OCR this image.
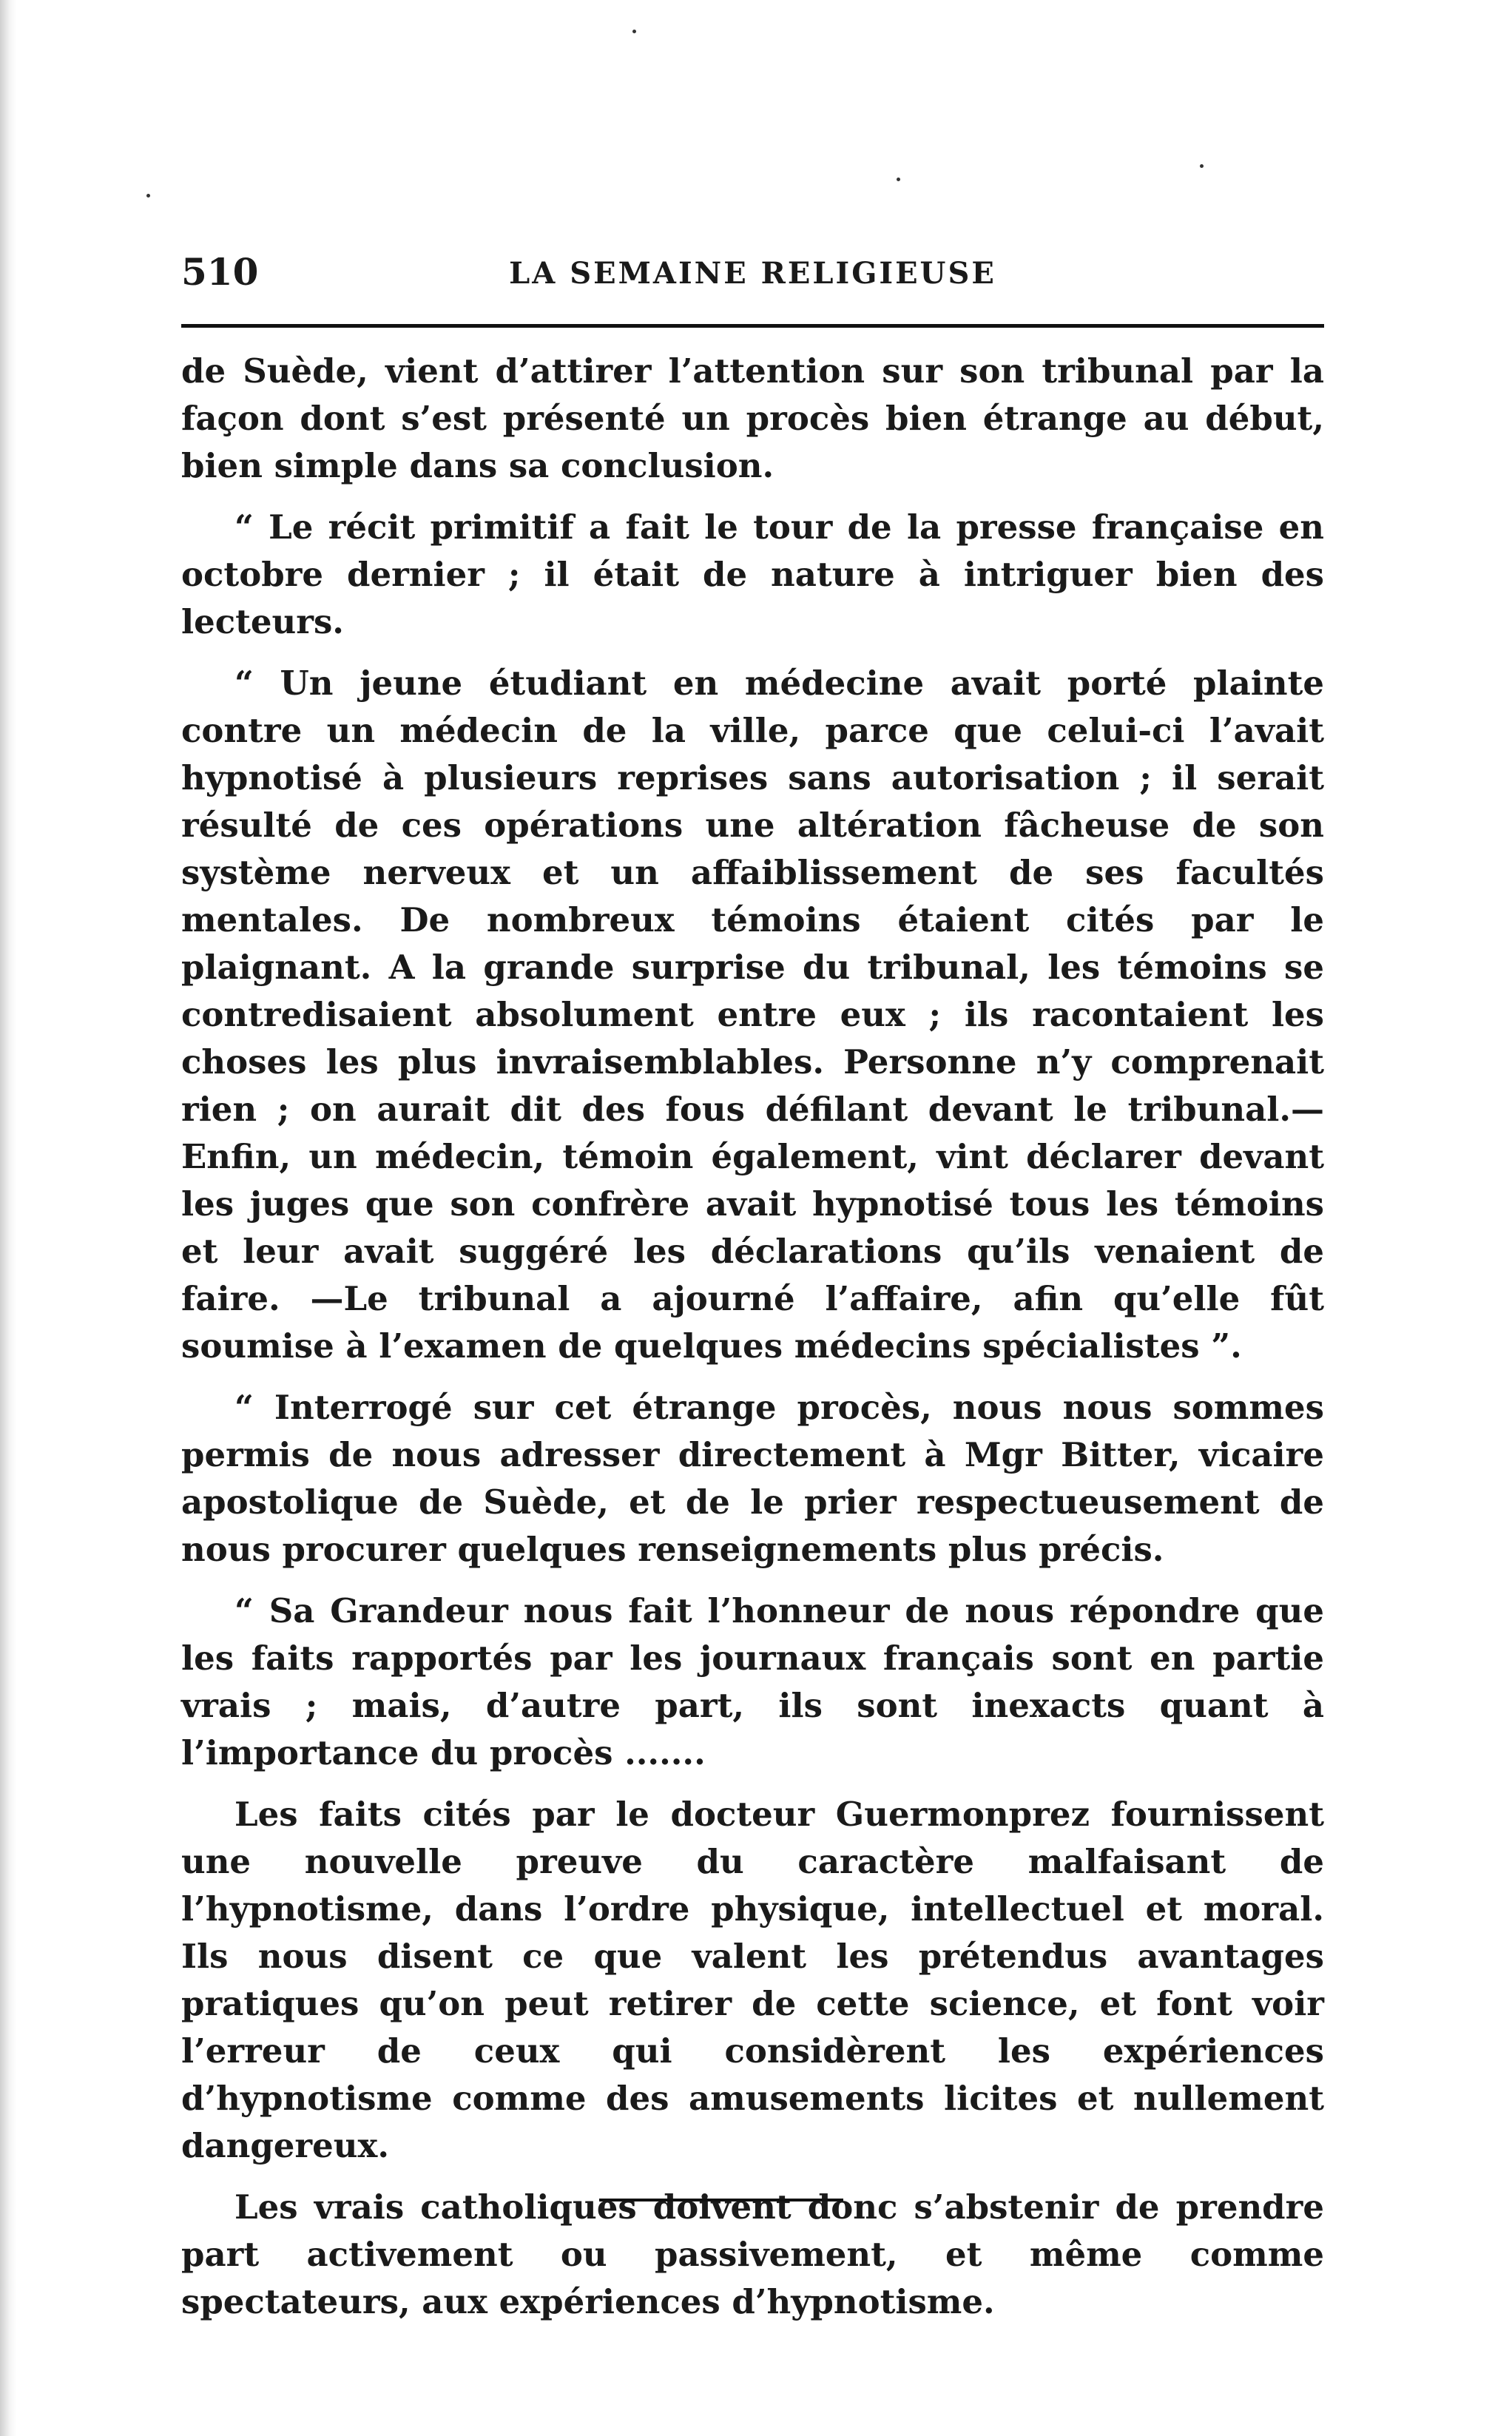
510	LA SEMAINE RELIGIEUSE

de Suède, vient d’attirer l’attention sur son tribunal par la façon dont s’est présenté un procès bien étrange au début, bien simple dans sa conclusion.

“ Le récit primitif a fait le tour de la presse française en octobre dernier ; il était de nature à intriguer bien des lecteurs.

“ Un jeune étudiant en médecine avait porté plainte contre un médecin de la ville, parce que celui-ci l’avait hypnotisé à plusieurs reprises sans autorisation ; il serait résulté de ces opérations une altération fâcheuse de son système nerveux et un affaiblissement de ses facultés mentales. De nombreux témoins étaient cités par le plaignant. A la grande surprise du tribunal, les témoins se contredisaient absolument entre eux ; ils racontaient les choses les plus invraisemblables. Personne n’y comprenait rien ; on aurait dit des fous défilant devant le tribunal.—Enfin, un médecin, témoin également, vint déclarer devant les juges que son confrère avait hypnotisé tous les témoins et leur avait suggéré les déclarations qu’ils venaient de faire. —Le tribunal a ajourné l’affaire, afin qu’elle fût soumise à l’examen de quelques médecins spécialistes ”.

“ Interrogé sur cet étrange procès, nous nous sommes permis de nous adresser directement à Mgr Bitter, vicaire apostolique de Suède, et de le prier respectueusement de nous procurer quelques renseignements plus précis.

“ Sa Grandeur nous fait l’honneur de nous répondre que les faits rapportés par les journaux français sont en partie vrais ; mais, d’autre part, ils sont inexacts quant à l’importance du procès .......

Les faits cités par le docteur Guermonprez fournissent une nouvelle preuve du caractère malfaisant de l’hypnotisme, dans l’ordre physique, intellectuel et moral. Ils nous disent ce que valent les prétendus avantages pratiques qu’on peut retirer de cette science, et font voir l’erreur de ceux qui considèrent les expériences d’hypnotisme comme des amusements licites et nullement dangereux.

Les vrais catholiques doivent donc s’abstenir de prendre part activement ou passivement, et même comme spectateurs, aux expériences d’hypnotisme.
